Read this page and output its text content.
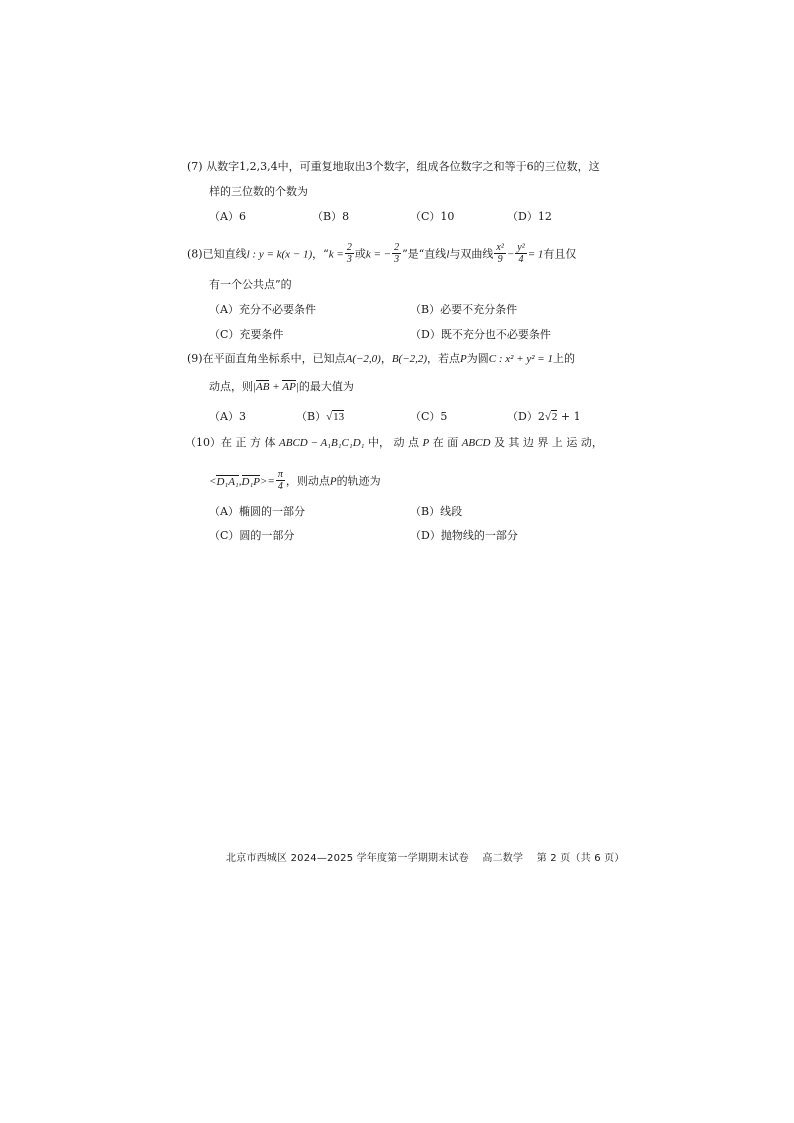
(7) 从数字1,2,3,4中，可重复地取出3个数字，组成各位数字之和等于6的三位数，这
样的三位数的个数为
（A）6	（B）8	（C）10	（D）12
(8)已知直线l : y = k(x − 1)，“$k = \frac{2}{3}$ 或k = − $\frac{2}{3}$ ”是“直线l与双曲线 $\frac{\text{x²}}{9} - \frac{\text{y²}}{4} = 1$有且仅
有一个公共点”的
（A）充分不必要条件	（B）必要不充分条件
（C）充要条件	（D）既不充分也不必要条件
(9)在平面直角坐标系中，已知点A(−2,0)，B(−2,2)，若点P为圆C : x² + y² = 1上的
动点，则|AB + AP|的最大值为
（A）3	（B）√13	（C）5	（D）2√2 + 1
（10）在 正 方 体 ABCD − A₁B₁C₁D₁ 中， 动 点 P 在 面 ABCD 及 其 边 界 上 运 动，
$<D_1A_1,D_1P>= \frac{\pi}{4}$ ，则动点P的轨迹为
（A）椭圆的一部分	（B）线段
（C）圆的一部分	（D）抛物线的一部分
北京市西城区 2024—2025 学年度第一学期期末试卷 高二数学 第 2 页（共 6 页）
